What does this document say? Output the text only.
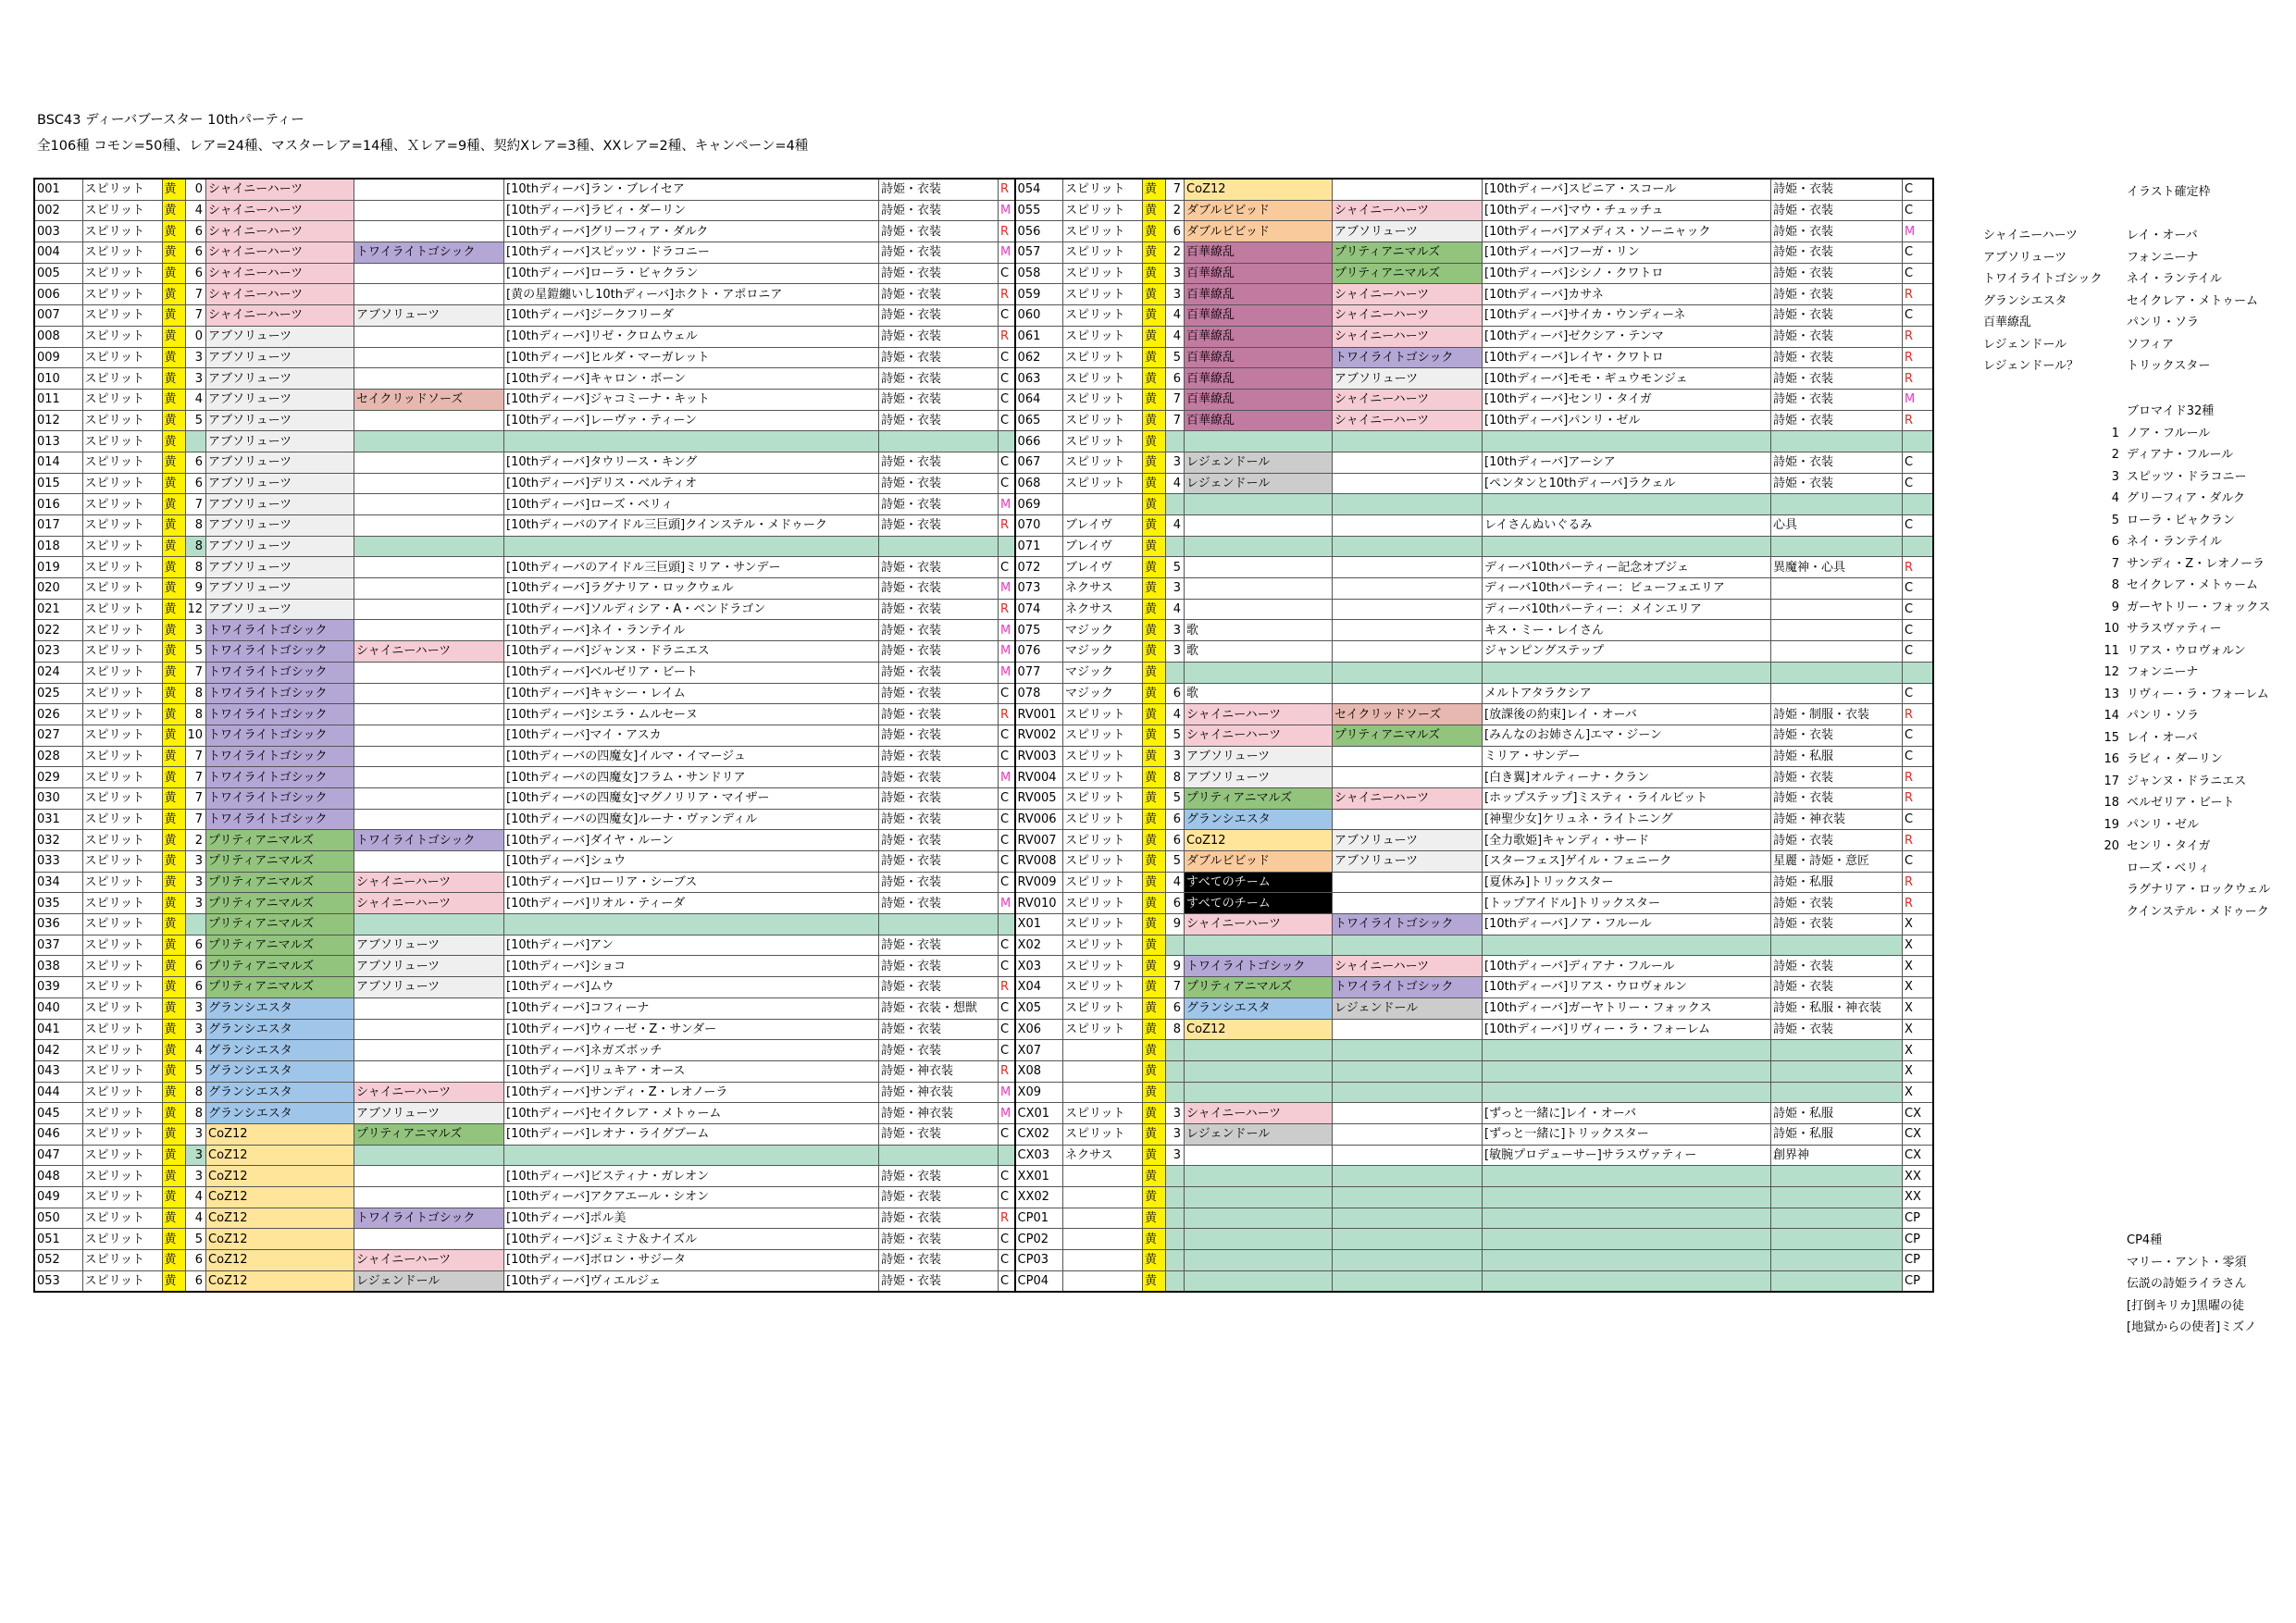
BSC43 ディーバブースター 10thパーティー
全106種 コモン=50種、レア=24種、マスターレア=14種、Ｘレア=9種、契約Xレア=3種、XXレア=2種、キャンペーン=4種
001	スピリット	黄	0	シャイニーハーツ		[10thディーバ]ラン・ブレイセア	詩姫・衣装	R	054	スピリット	黄	7	CoZ12		[10thディーバ]スピニア・スコール	詩姫・衣装	C
002	スピリット	黄	4	シャイニーハーツ		[10thディーバ]ラビィ・ダーリン	詩姫・衣装	M	055	スピリット	黄	2	ダブルビビッド	シャイニーハーツ	[10thディーバ]マウ・チュッチュ	詩姫・衣装	C
003	スピリット	黄	6	シャイニーハーツ		[10thディーバ]グリーフィア・ダルク	詩姫・衣装	R	056	スピリット	黄	6	ダブルビビッド	アブソリューツ	[10thディーバ]アメディス・ソーニャック	詩姫・衣装	M
004	スピリット	黄	6	シャイニーハーツ	トワイライトゴシック	[10thディーバ]スピッツ・ドラコニー	詩姫・衣装	M	057	スピリット	黄	2	百華繚乱	プリティアニマルズ	[10thディーバ]フーガ・リン	詩姫・衣装	C
005	スピリット	黄	6	シャイニーハーツ		[10thディーバ]ローラ・ビャクラン	詩姫・衣装	C	058	スピリット	黄	3	百華繚乱	プリティアニマルズ	[10thディーバ]シシノ・クワトロ	詩姫・衣装	C
006	スピリット	黄	7	シャイニーハーツ		[黄の星鎧纏いし10thディーバ]ホクト・アポロニア	詩姫・衣装	R	059	スピリット	黄	3	百華繚乱	シャイニーハーツ	[10thディーバ]カサネ	詩姫・衣装	R
007	スピリット	黄	7	シャイニーハーツ	アブソリューツ	[10thディーバ]ジークフリーダ	詩姫・衣装	C	060	スピリット	黄	4	百華繚乱	シャイニーハーツ	[10thディーバ]サイカ・ウンディーネ	詩姫・衣装	C
008	スピリット	黄	0	アブソリューツ		[10thディーバ]リゼ・クロムウェル	詩姫・衣装	R	061	スピリット	黄	4	百華繚乱	シャイニーハーツ	[10thディーバ]ゼクシア・テンマ	詩姫・衣装	R
009	スピリット	黄	3	アブソリューツ		[10thディーバ]ヒルダ・マーガレット	詩姫・衣装	C	062	スピリット	黄	5	百華繚乱	トワイライトゴシック	[10thディーバ]レイヤ・クワトロ	詩姫・衣装	R
010	スピリット	黄	3	アブソリューツ		[10thディーバ]キャロン・ボーン	詩姫・衣装	C	063	スピリット	黄	6	百華繚乱	アブソリューツ	[10thディーバ]モモ・ギュウモンジェ	詩姫・衣装	R
011	スピリット	黄	4	アブソリューツ	セイクリッドソーズ	[10thディーバ]ジャコミーナ・キット	詩姫・衣装	C	064	スピリット	黄	7	百華繚乱	シャイニーハーツ	[10thディーバ]センリ・タイガ	詩姫・衣装	M
012	スピリット	黄	5	アブソリューツ		[10thディーバ]レーヴァ・ティーン	詩姫・衣装	C	065	スピリット	黄	7	百華繚乱	シャイニーハーツ	[10thディーバ]パンリ・ゼル	詩姫・衣装	R
013	スピリット	黄		アブソリューツ					066	スピリット	黄						
014	スピリット	黄	6	アブソリューツ		[10thディーバ]タウリース・キング	詩姫・衣装	C	067	スピリット	黄	3	レジェンドール		[10thディーバ]アーシア	詩姫・衣装	C
015	スピリット	黄	6	アブソリューツ		[10thディーバ]デリス・ベルティオ	詩姫・衣装	C	068	スピリット	黄	4	レジェンドール		[ペンタンと10thディーバ]ラクェル	詩姫・衣装	C
016	スピリット	黄	7	アブソリューツ		[10thディーバ]ローズ・ベリィ	詩姫・衣装	M	069		黄						
017	スピリット	黄	8	アブソリューツ		[10thディーバのアイドル三巨頭]クインステル・メドゥーク	詩姫・衣装	R	070	ブレイヴ	黄	4			レイさんぬいぐるみ	心具	C
018	スピリット	黄	8	アブソリューツ					071	ブレイヴ	黄						
019	スピリット	黄	8	アブソリューツ		[10thディーバのアイドル三巨頭]ミリア・サンデー	詩姫・衣装	C	072	ブレイヴ	黄	5			ディーバ10thパーティー記念オブジェ	異魔神・心具	R
020	スピリット	黄	9	アブソリューツ		[10thディーバ]ラグナリア・ロックウェル	詩姫・衣装	M	073	ネクサス	黄	3			ディーバ10thパーティー：ビューフェエリア		C
021	スピリット	黄	12	アブソリューツ		[10thディーバ]ソルディシア・A・ベンドラゴン	詩姫・衣装	R	074	ネクサス	黄	4			ディーバ10thパーティー：メインエリア		C
022	スピリット	黄	3	トワイライトゴシック		[10thディーバ]ネイ・ランテイル	詩姫・衣装	M	075	マジック	黄	3	歌		キス・ミー・レイさん		C
023	スピリット	黄	5	トワイライトゴシック	シャイニーハーツ	[10thディーバ]ジャンヌ・ドラニエス	詩姫・衣装	M	076	マジック	黄	3	歌		ジャンピングステップ		C
024	スピリット	黄	7	トワイライトゴシック		[10thディーバ]ベルゼリア・ビート	詩姫・衣装	M	077	マジック	黄						
025	スピリット	黄	8	トワイライトゴシック		[10thディーバ]キャシー・レイム	詩姫・衣装	C	078	マジック	黄	6	歌		メルトアタラクシア		C
026	スピリット	黄	8	トワイライトゴシック		[10thディーバ]シエラ・ムルセーヌ	詩姫・衣装	R	RV001	スピリット	黄	4	シャイニーハーツ	セイクリッドソーズ	[放課後の約束]レイ・オーバ	詩姫・制服・衣装	R
027	スピリット	黄	10	トワイライトゴシック		[10thディーバ]マイ・アスカ	詩姫・衣装	C	RV002	スピリット	黄	5	シャイニーハーツ	プリティアニマルズ	[みんなのお姉さん]エマ・ジーン	詩姫・衣装	C
028	スピリット	黄	7	トワイライトゴシック		[10thディーバの四魔女]イルマ・イマージュ	詩姫・衣装	C	RV003	スピリット	黄	3	アブソリューツ		ミリア・サンデー	詩姫・私服	C
029	スピリット	黄	7	トワイライトゴシック		[10thディーバの四魔女]フラム・サンドリア	詩姫・衣装	M	RV004	スピリット	黄	8	アブソリューツ		[白き翼]オルティーナ・クラン	詩姫・衣装	R
030	スピリット	黄	7	トワイライトゴシック		[10thディーバの四魔女]マグノリリア・マイザー	詩姫・衣装	C	RV005	スピリット	黄	5	プリティアニマルズ	シャイニーハーツ	[ホップステップ]ミスティ・ライルビット	詩姫・衣装	R
031	スピリット	黄	7	トワイライトゴシック		[10thディーバの四魔女]ルーナ・ヴァンディル	詩姫・衣装	C	RV006	スピリット	黄	6	グランシエスタ		[神聖少女]ケリュネ・ライトニング	詩姫・神衣装	C
032	スピリット	黄	2	プリティアニマルズ	トワイライトゴシック	[10thディーバ]ダイヤ・ルーン	詩姫・衣装	C	RV007	スピリット	黄	6	CoZ12	アブソリューツ	[全力歌姫]キャンディ・サード	詩姫・衣装	R
033	スピリット	黄	3	プリティアニマルズ		[10thディーバ]シュウ	詩姫・衣装	C	RV008	スピリット	黄	5	ダブルビビッド	アブソリューツ	[スターフェス]ゲイル・フェニーク	星麗・詩姫・意匠	C
034	スピリット	黄	3	プリティアニマルズ	シャイニーハーツ	[10thディーバ]ローリア・シーブス	詩姫・衣装	C	RV009	スピリット	黄	4	すべてのチーム		[夏休み]トリックスター	詩姫・私服	R
035	スピリット	黄	3	プリティアニマルズ	シャイニーハーツ	[10thディーバ]リオル・ティーダ	詩姫・衣装	M	RV010	スピリット	黄	6	すべてのチーム		[トップアイドル]トリックスター	詩姫・衣装	R
036	スピリット	黄		プリティアニマルズ					X01	スピリット	黄	9	シャイニーハーツ	トワイライトゴシック	[10thディーバ]ノア・フルール	詩姫・衣装	X
037	スピリット	黄	6	プリティアニマルズ	アブソリューツ	[10thディーバ]アン	詩姫・衣装	C	X02	スピリット	黄						X
038	スピリット	黄	6	プリティアニマルズ	アブソリューツ	[10thディーバ]ショコ	詩姫・衣装	C	X03	スピリット	黄	9	トワイライトゴシック	シャイニーハーツ	[10thディーバ]ディアナ・フルール	詩姫・衣装	X
039	スピリット	黄	6	プリティアニマルズ	アブソリューツ	[10thディーバ]ムウ	詩姫・衣装	R	X04	スピリット	黄	7	プリティアニマルズ	トワイライトゴシック	[10thディーバ]リアス・ウロヴォルン	詩姫・衣装	X
040	スピリット	黄	3	グランシエスタ		[10thディーバ]コフィーナ	詩姫・衣装・想獣	C	X05	スピリット	黄	6	グランシエスタ	レジェンドール	[10thディーバ]ガーヤトリー・フォックス	詩姫・私服・神衣装	X
041	スピリット	黄	3	グランシエスタ		[10thディーバ]ウィーゼ・Z・サンダー	詩姫・衣装	C	X06	スピリット	黄	8	CoZ12		[10thディーバ]リヴィー・ラ・フォーレム	詩姫・衣装	X
042	スピリット	黄	4	グランシエスタ		[10thディーバ]ネガズボッチ	詩姫・衣装	C	X07		黄						X
043	スピリット	黄	5	グランシエスタ		[10thディーバ]リュキア・オース	詩姫・神衣装	R	X08		黄						X
044	スピリット	黄	8	グランシエスタ	シャイニーハーツ	[10thディーバ]サンディ・Z・レオノーラ	詩姫・神衣装	M	X09		黄						X
045	スピリット	黄	8	グランシエスタ	アブソリューツ	[10thディーバ]セイクレア・メトゥーム	詩姫・神衣装	M	CX01	スピリット	黄	3	シャイニーハーツ		[ずっと一緒に]レイ・オーバ	詩姫・私服	CX
046	スピリット	黄	3	CoZ12	プリティアニマルズ	[10thディーバ]レオナ・ライグブーム	詩姫・衣装	C	CX02	スピリット	黄	3	レジェンドール		[ずっと一緒に]トリックスター	詩姫・私服	CX
047	スピリット	黄	3	CoZ12					CX03	ネクサス	黄	3			[敏腕プロデューサー]サラスヴァティー	創界神	CX
048	スピリット	黄	3	CoZ12		[10thディーバ]ビスティナ・ガレオン	詩姫・衣装	C	XX01		黄						XX
049	スピリット	黄	4	CoZ12		[10thディーバ]アクアエール・シオン	詩姫・衣装	C	XX02		黄						XX
050	スピリット	黄	4	CoZ12	トワイライトゴシック	[10thディーバ]ポル美	詩姫・衣装	R	CP01		黄						CP
051	スピリット	黄	5	CoZ12		[10thディーバ]ジェミナ＆ナイズル	詩姫・衣装	C	CP02		黄						CP
052	スピリット	黄	6	CoZ12	シャイニーハーツ	[10thディーバ]ボロン・サジータ	詩姫・衣装	C	CP03		黄						CP
053	スピリット	黄	6	CoZ12	レジェンドール	[10thディーバ]ヴィエルジェ	詩姫・衣装	C	CP04		黄						CP
イラスト確定枠
シャイニーハーツ	レイ・オーバ
アブソリューツ	フォンニーナ
トワイライトゴシック ネイ・ランテイル
グランシエスタ	セイクレア・メトゥーム
百華繚乱	パンリ・ソラ
レジェンドール	ソフィア
レジェンドール？	トリックスター
ブロマイド32種
1 ノア・フルール
2 ディアナ・フルール
3 スピッツ・ドラコニー
4 グリーフィア・ダルク
5 ローラ・ビャクラン
6 ネイ・ランテイル
7 サンディ・Z・レオノーラ
8 セイクレア・メトゥーム
9 ガーヤトリー・フォックス
10 サラスヴァティー
11 リアス・ウロヴォルン
12 フォンニーナ
13 リヴィー・ラ・フォーレム
14 パンリ・ソラ
15 レイ・オーバ
16 ラビィ・ダーリン
17 ジャンヌ・ドラニエス
18 ベルゼリア・ビート
19 パンリ・ゼル
20 センリ・タイガ
ローズ・ベリィ
ラグナリア・ロックウェル
クインステル・メドゥーク
CP4種
マリー・アント・零須
伝説の詩姫ライラさん
[打倒キリカ]黒曜の徒
[地獄からの使者]ミズノ
